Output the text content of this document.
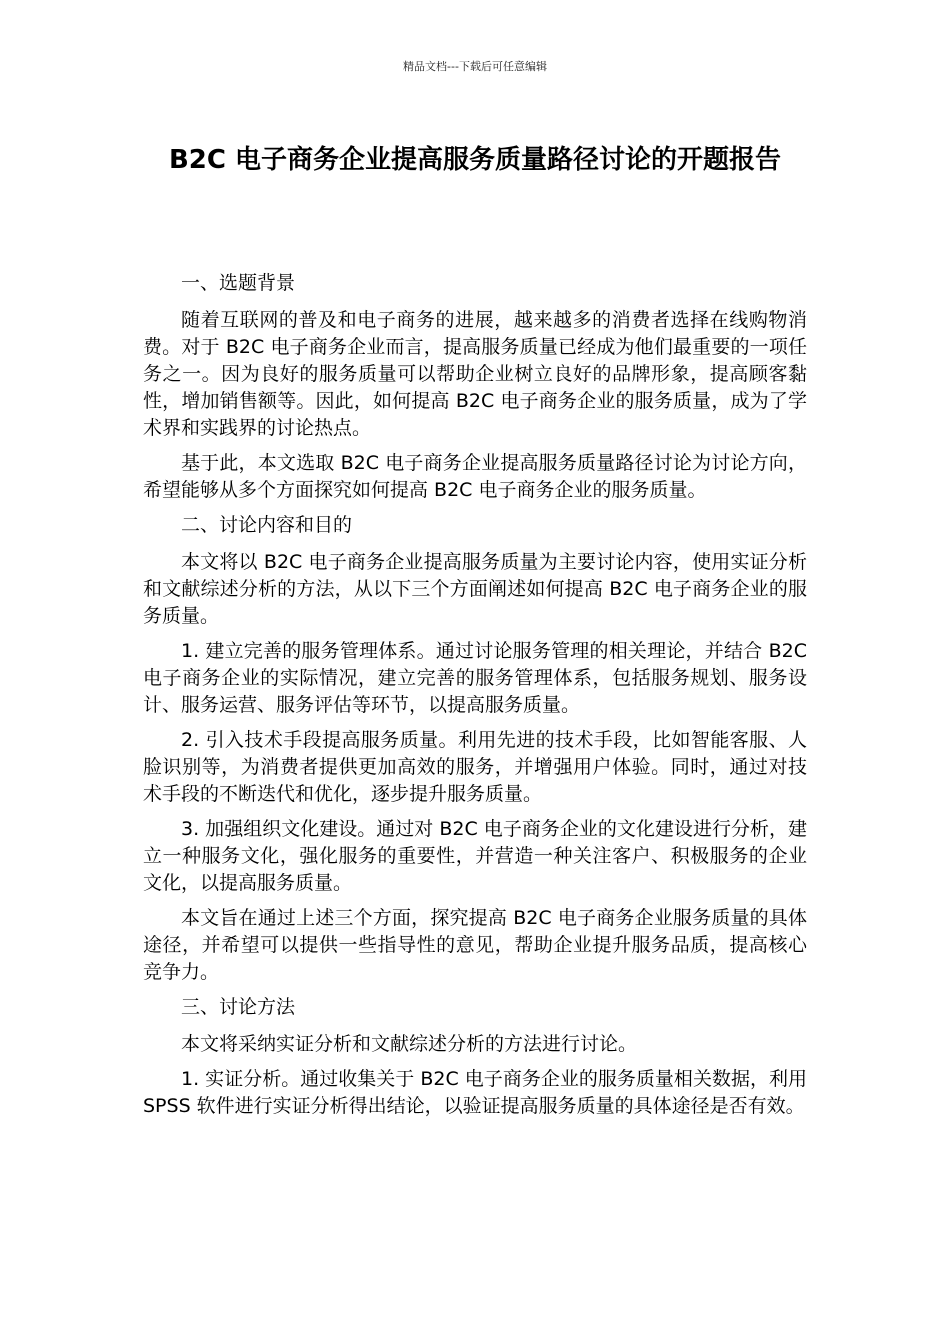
精品文档---下载后可任意编辑
B2C 电子商务企业提高服务质量路径讨论的开题报告

一、选题背景

随着互联网的普及和电子商务的进展，越来越多的消费者选择在线购物消费。对于 B2C 电子商务企业而言，提高服务质量已经成为他们最重要的一项任务之一。因为良好的服务质量可以帮助企业树立良好的品牌形象，提高顾客黏性，增加销售额等。因此，如何提高 B2C 电子商务企业的服务质量，成为了学术界和实践界的讨论热点。

基于此，本文选取 B2C 电子商务企业提高服务质量路径讨论为讨论方向，希望能够从多个方面探究如何提高 B2C 电子商务企业的服务质量。

二、讨论内容和目的

本文将以 B2C 电子商务企业提高服务质量为主要讨论内容，使用实证分析和文献综述分析的方法，从以下三个方面阐述如何提高 B2C 电子商务企业的服务质量。

1. 建立完善的服务管理体系。通过讨论服务管理的相关理论，并结合 B2C 电子商务企业的实际情况，建立完善的服务管理体系，包括服务规划、服务设计、服务运营、服务评估等环节，以提高服务质量。

2. 引入技术手段提高服务质量。利用先进的技术手段，比如智能客服、人脸识别等，为消费者提供更加高效的服务，并增强用户体验。同时，通过对技术手段的不断迭代和优化，逐步提升服务质量。

3. 加强组织文化建设。通过对 B2C 电子商务企业的文化建设进行分析，建立一种服务文化，强化服务的重要性，并营造一种关注客户、积极服务的企业文化，以提高服务质量。

本文旨在通过上述三个方面，探究提高 B2C 电子商务企业服务质量的具体途径，并希望可以提供一些指导性的意见，帮助企业提升服务品质，提高核心竞争力。

三、讨论方法

本文将采纳实证分析和文献综述分析的方法进行讨论。

1. 实证分析。通过收集关于 B2C 电子商务企业的服务质量相关数据，利用 SPSS 软件进行实证分析得出结论，以验证提高服务质量的具体途径是否有效。
